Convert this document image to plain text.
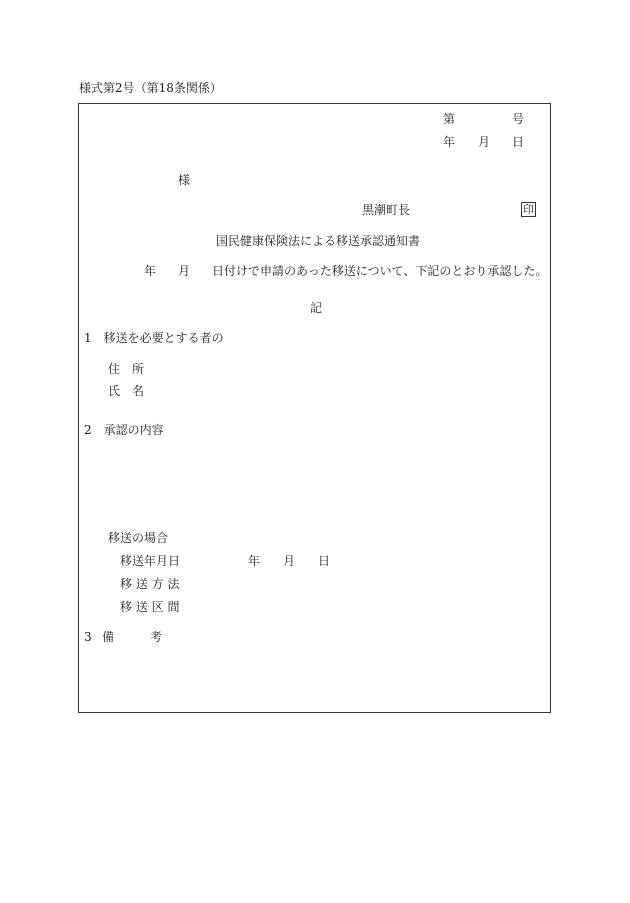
様式第2号（第18条関係）
第	号
年 月 日
様
黒潮町長	印
国民健康保険法による移送承認通知書
年 月 日付けで申請のあった移送について、下記のとおり承認した。
記
1　移送を必要とする者の
住　所
氏　名
2　承認の内容
移送の場合
移送年月日	年 月 日
移 送 方 法
移 送 区 間
3 備	考
